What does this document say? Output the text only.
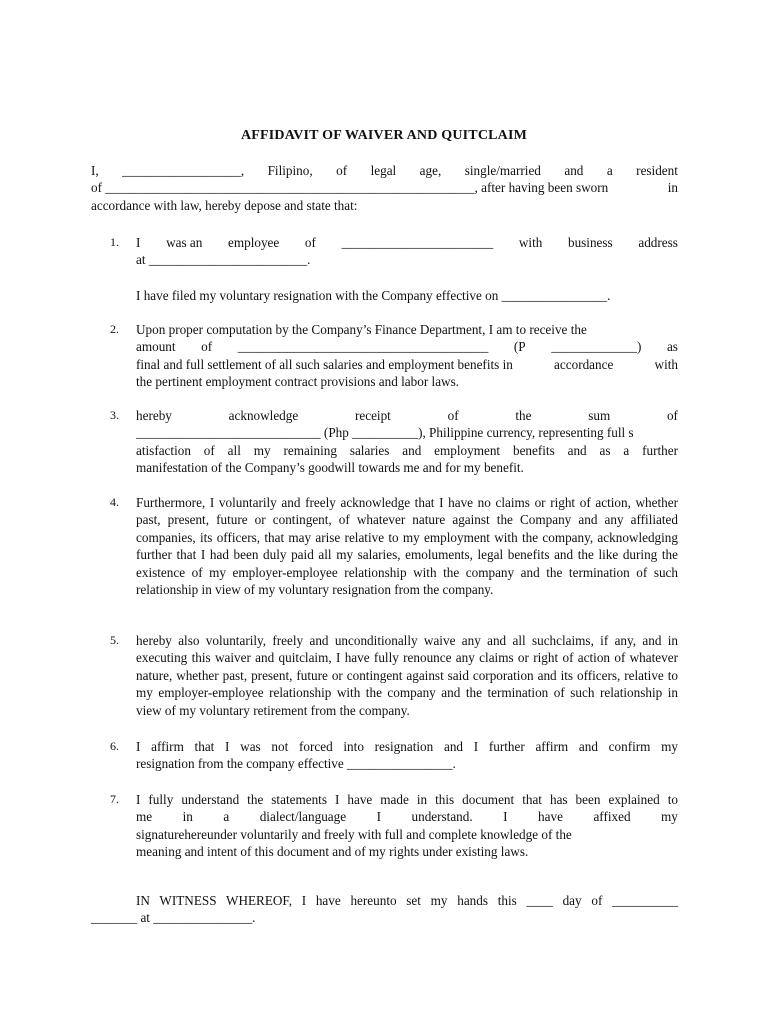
AFFIDAVIT OF WAIVER AND QUITCLAIM
I, __________________, Filipino, of legal age, single/married and a resident
of ________________________________________________________, after having been sworn	in
accordance with law, hereby depose and state that:
1.	I was an employee of _______________________ with business address
at ________________________.

I have filed my voluntary resignation with the Company effective on ________________.

2.	Upon proper computation by the Company’s Finance Department, I am to receive the
amount of ______________________________________ (P _____________) as
final and full settlement of all such salaries and employment benefits in	accordance	with
the pertinent employment contract provisions and labor laws.
3.	hereby	acknowledge	receipt	of	the	sum	of
____________________________ (Php __________), Philippine currency, representing full s
atisfaction of all my remaining salaries and employment benefits and as a further
manifestation of the Company’s goodwill towards me and for my benefit.
4.	Furthermore, I voluntarily and freely acknowledge that I have no claims or right of action, whether past, present, future or contingent, of whatever nature against the Company and any affiliated companies, its officers, that may arise relative to my employment with the company, acknowledging further that I had been duly paid all my salaries, emoluments, legal benefits and the like during the existence of my employer-employee relationship with the company and the termination of such relationship in view of my voluntary resignation from the company.

5.	hereby also voluntarily, freely and unconditionally waive any and all suchclaims, if any, and in executing this waiver and quitclaim, I have fully renounce any claims or right of action of whatever nature, whether past, present, future or contingent against said corporation and its officers, relative to my employer-employee relationship with the company and the termination of such relationship in view of my voluntary retirement from the company.

6.	I affirm that I was not forced into resignation and I further affirm and confirm my
resignation from the company effective ________________.
7.	I fully understand the statements I have made in this document that has been explained to
me in a dialect/language I understand. I have affixed my
signaturehereunder voluntarily and freely with full and complete knowledge of the
meaning and intent of this document and of my rights under existing laws.
IN WITNESS WHEREOF, I have hereunto set my hands this ____ day of __________
_______ at _______________.
